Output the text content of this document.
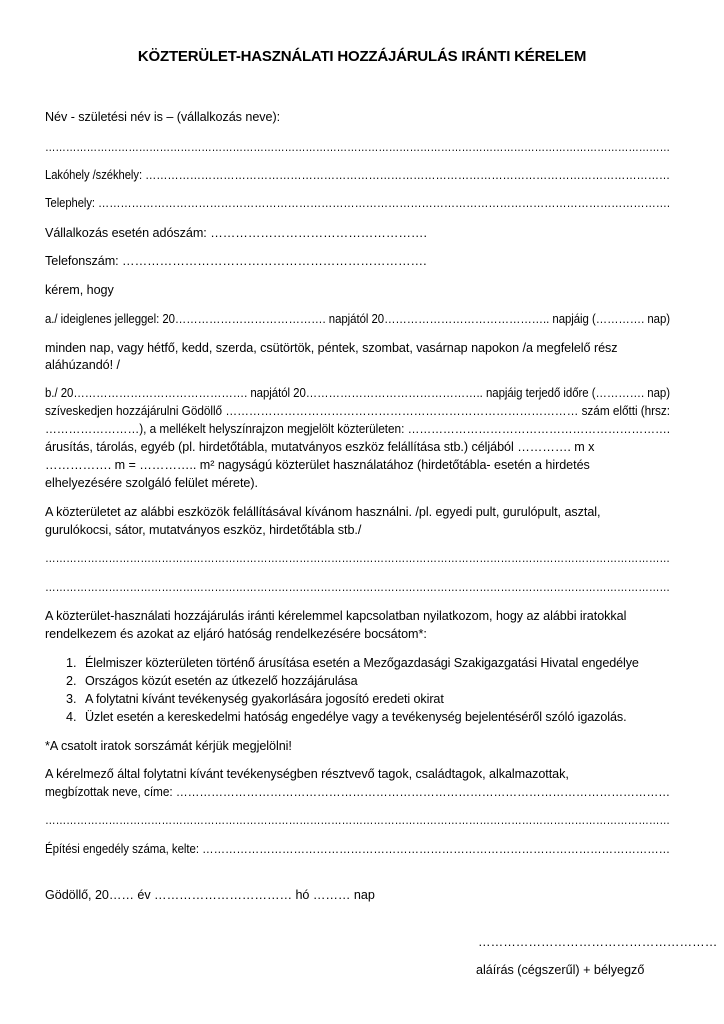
KÖZTERÜLET-HASZNÁLATI HOZZÁJÁRULÁS IRÁNTI KÉRELEM
Név - születési név is – (vállalkozás neve):
………………………………………………………………………………………………………………………………………………………………
Lakóhely /székhely: ……………………………………………………………………………………………………………………………
Telephely: ……………………………………………………………………………………………………………………………………….
Vállalkozás esetén adószám: …………………………………………….
Telefonszám: ……………………………………………………………….
kérem, hogy
a./ ideiglenes jelleggel: 20…………………………………. napjától 20…………………………………….. napjáig (…………. nap)
minden nap, vagy hétfő, kedd, szerda, csütörtök, péntek, szombat, vasárnap napokon /a megfelelő rész
aláhúzandó! /
b./ 20………………………………………. napjától 20……………………………………….. napjáig terjedő időre (…………. nap)
szíveskedjen hozzájárulni Gödöllő ……………………………………………………………………………… szám előtti (hrsz:
……………………), a mellékelt helyszínrajzon megjelölt közterületen: ………………………………………………………….
árusítás, tárolás, egyéb (pl. hirdetőtábla, mutatványos eszköz felállítása stb.) céljából …………. m x
……………. m = ………….. m² nagyságú közterület használatához (hirdetőtábla- esetén a hirdetés
elhelyezésére szolgáló felület mérete).
A közterületet az alábbi eszközök felállításával kívánom használni. /pl. egyedi pult, gurulópult, asztal,
gurulókocsi, sátor, mutatványos eszköz, hirdetőtábla stb./
……………………………………………………………………………………………………………………………………………………………
……………………………………………………………………………………………………………………………………………………………
A közterület-használati hozzájárulás iránti kérelemmel kapcsolatban nyilatkozom, hogy az alábbi iratokkal
rendelkezem és azokat az eljáró hatóság rendelkezésére bocsátom*:
1. Élelmiszer közterületen történő árusítása esetén a Mezőgazdasági Szakigazgatási Hivatal engedélye
2. Országos közút esetén az útkezelő hozzájárulása
3. A folytatni kívánt tevékenység gyakorlására jogosító eredeti okirat
4. Üzlet esetén a kereskedelmi hatóság engedélye vagy a tevékenység bejelentéséről szóló igazolás.
*A csatolt iratok sorszámát kérjük megjelölni!
A kérelmező által folytatni kívánt tevékenységben résztvevő tagok, családtagok, alkalmazottak,
megbízottak neve, címe: ………………………………………………………………………………………………………………
……………………………………………………………………………………………………………………………………………………………
Építési engedély száma, kelte: ……………………………………………………………………………………………………………
Gödöllő, 20…… év …………………………… hó ……… nap
…………………………………………………
aláírás (cégszerűl) + bélyegző
